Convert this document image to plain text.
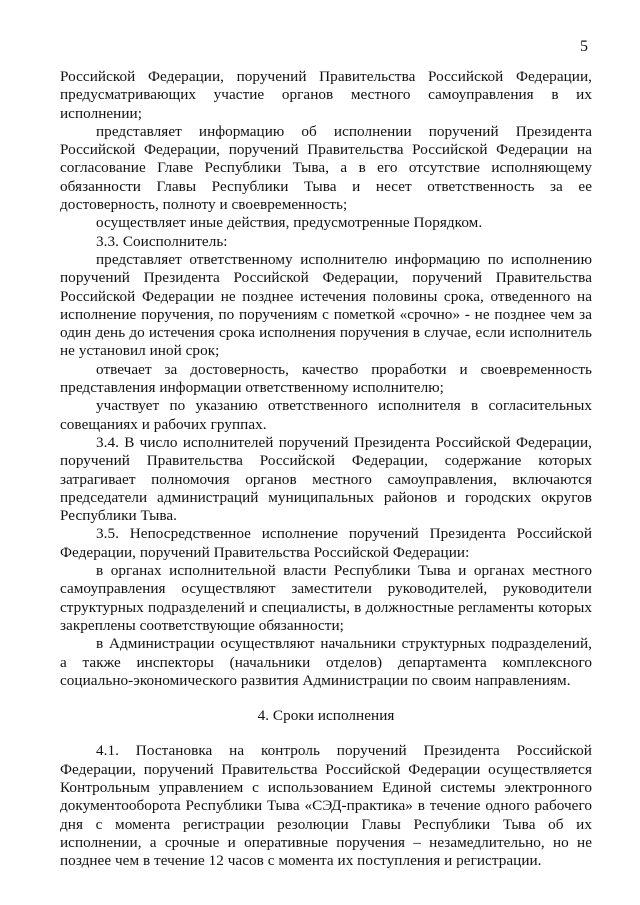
5

Российской Федерации, поручений Правительства Российской Федерации, предусматривающих участие органов местного самоуправления в их исполнении;

представляет информацию об исполнении поручений Президента Российской Федерации, поручений Правительства Российской Федерации на согласование Главе Республики Тыва, а в его отсутствие исполняющему обязанности Главы Республики Тыва и несет ответственность за ее достоверность, полноту и своевременность;

осуществляет иные действия, предусмотренные Порядком.

3.3. Соисполнитель:

представляет ответственному исполнителю информацию по исполнению поручений Президента Российской Федерации, поручений Правительства Российской Федерации не позднее истечения половины срока, отведенного на исполнение поручения, по поручениям с пометкой «срочно» - не позднее чем за один день до истечения срока исполнения поручения в случае, если исполнитель не установил иной срок;

отвечает за достоверность, качество проработки и своевременность представления информации ответственному исполнителю;

участвует по указанию ответственного исполнителя в согласительных совещаниях и рабочих группах.

3.4. В число исполнителей поручений Президента Российской Федерации, поручений Правительства Российской Федерации, содержание которых затрагивает полномочия органов местного самоуправления, включаются председатели администраций муниципальных районов и городских округов Республики Тыва.

3.5. Непосредственное исполнение поручений Президента Российской Федерации, поручений Правительства Российской Федерации:

в органах исполнительной власти Республики Тыва и органах местного самоуправления осуществляют заместители руководителей, руководители структурных подразделений и специалисты, в должностные регламенты которых закреплены соответствующие обязанности;

в Администрации осуществляют начальники структурных подразделений, а также инспекторы (начальники отделов) департамента комплексного социально-экономического развития Администрации по своим направлениям.

4. Сроки исполнения

4.1. Постановка на контроль поручений Президента Российской Федерации, поручений Правительства Российской Федерации осуществляется Контрольным управлением с использованием Единой системы электронного документооборота Республики Тыва «СЭД-практика» в течение одного рабочего дня с момента регистрации резолюции Главы Республики Тыва об их исполнении, а срочные и оперативные поручения – незамедлительно, но не позднее чем в течение 12 часов с момента их поступления и регистрации.
